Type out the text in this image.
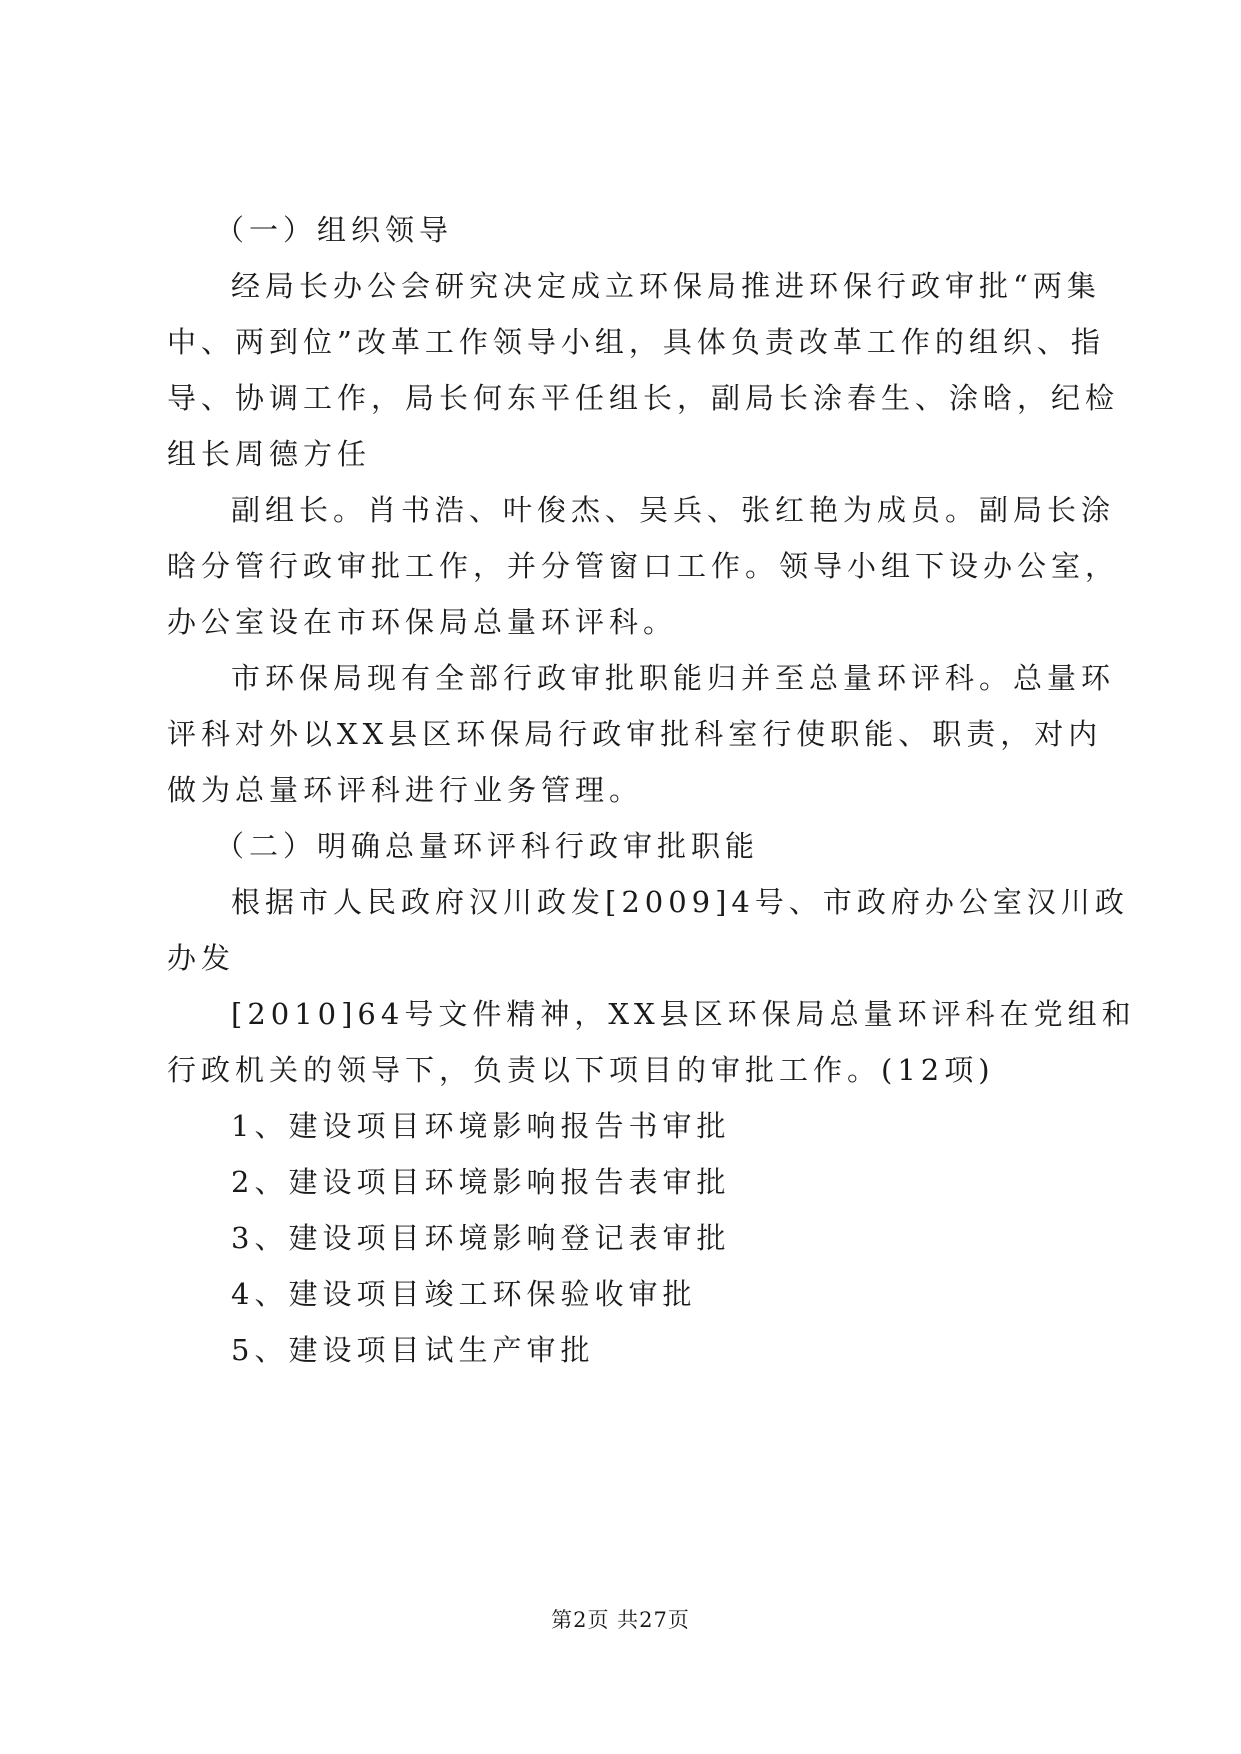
（一）组织领导
经局长办公会研究决定成立环保局推进环保行政审批“两集
中、两到位”改革工作领导小组，具体负责改革工作的组织、指
导、协调工作，局长何东平任组长，副局长涂春生、涂晗，纪检
组长周德方任
副组长。肖书浩、叶俊杰、吴兵、张红艳为成员。副局长涂
晗分管行政审批工作，并分管窗口工作。领导小组下设办公室，
办公室设在市环保局总量环评科。
市环保局现有全部行政审批职能归并至总量环评科。总量环
评科对外以XX县区环保局行政审批科室行使职能、职责，对内
做为总量环评科进行业务管理。
（二）明确总量环评科行政审批职能
根据市人民政府汉川政发[2009]4号、市政府办公室汉川政
办发
[2010]64号文件精神，XX县区环保局总量环评科在党组和
行政机关的领导下，负责以下项目的审批工作。(12项)
1、建设项目环境影响报告书审批
2、建设项目环境影响报告表审批
3、建设项目环境影响登记表审批
4、建设项目竣工环保验收审批
5、建设项目试生产审批
第2页 共27页
